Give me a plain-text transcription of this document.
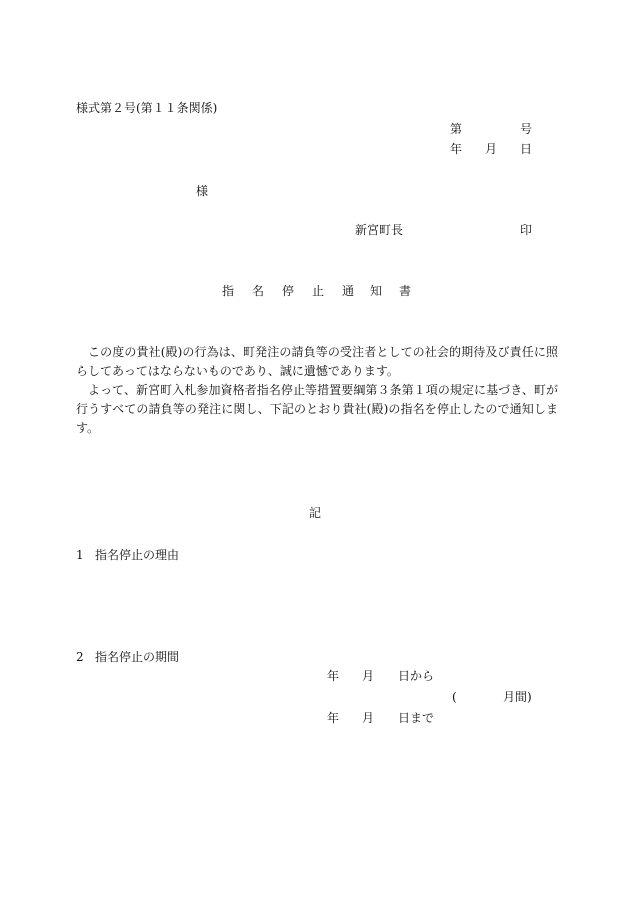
様式第２号(第１１条関係)
第	号
年 月 日
様
新宮町長	印
指 名 停 止 通 知 書

この度の貴社(殿)の行為は、町発注の請負等の受注者としての社会的期待及び責任に照らしてあってはならないものであり、誠に遺憾であります。

よって、新宮町入札参加資格者指名停止等措置要綱第３条第１項の規定に基づき、町が行うすべての請負等の発注に関し、下記のとおり貴社(殿)の指名を停止したので通知します。

記
1 指名停止の理由
2 指名停止の期間
年 月 日から
(	月間)
年 月 日まで
